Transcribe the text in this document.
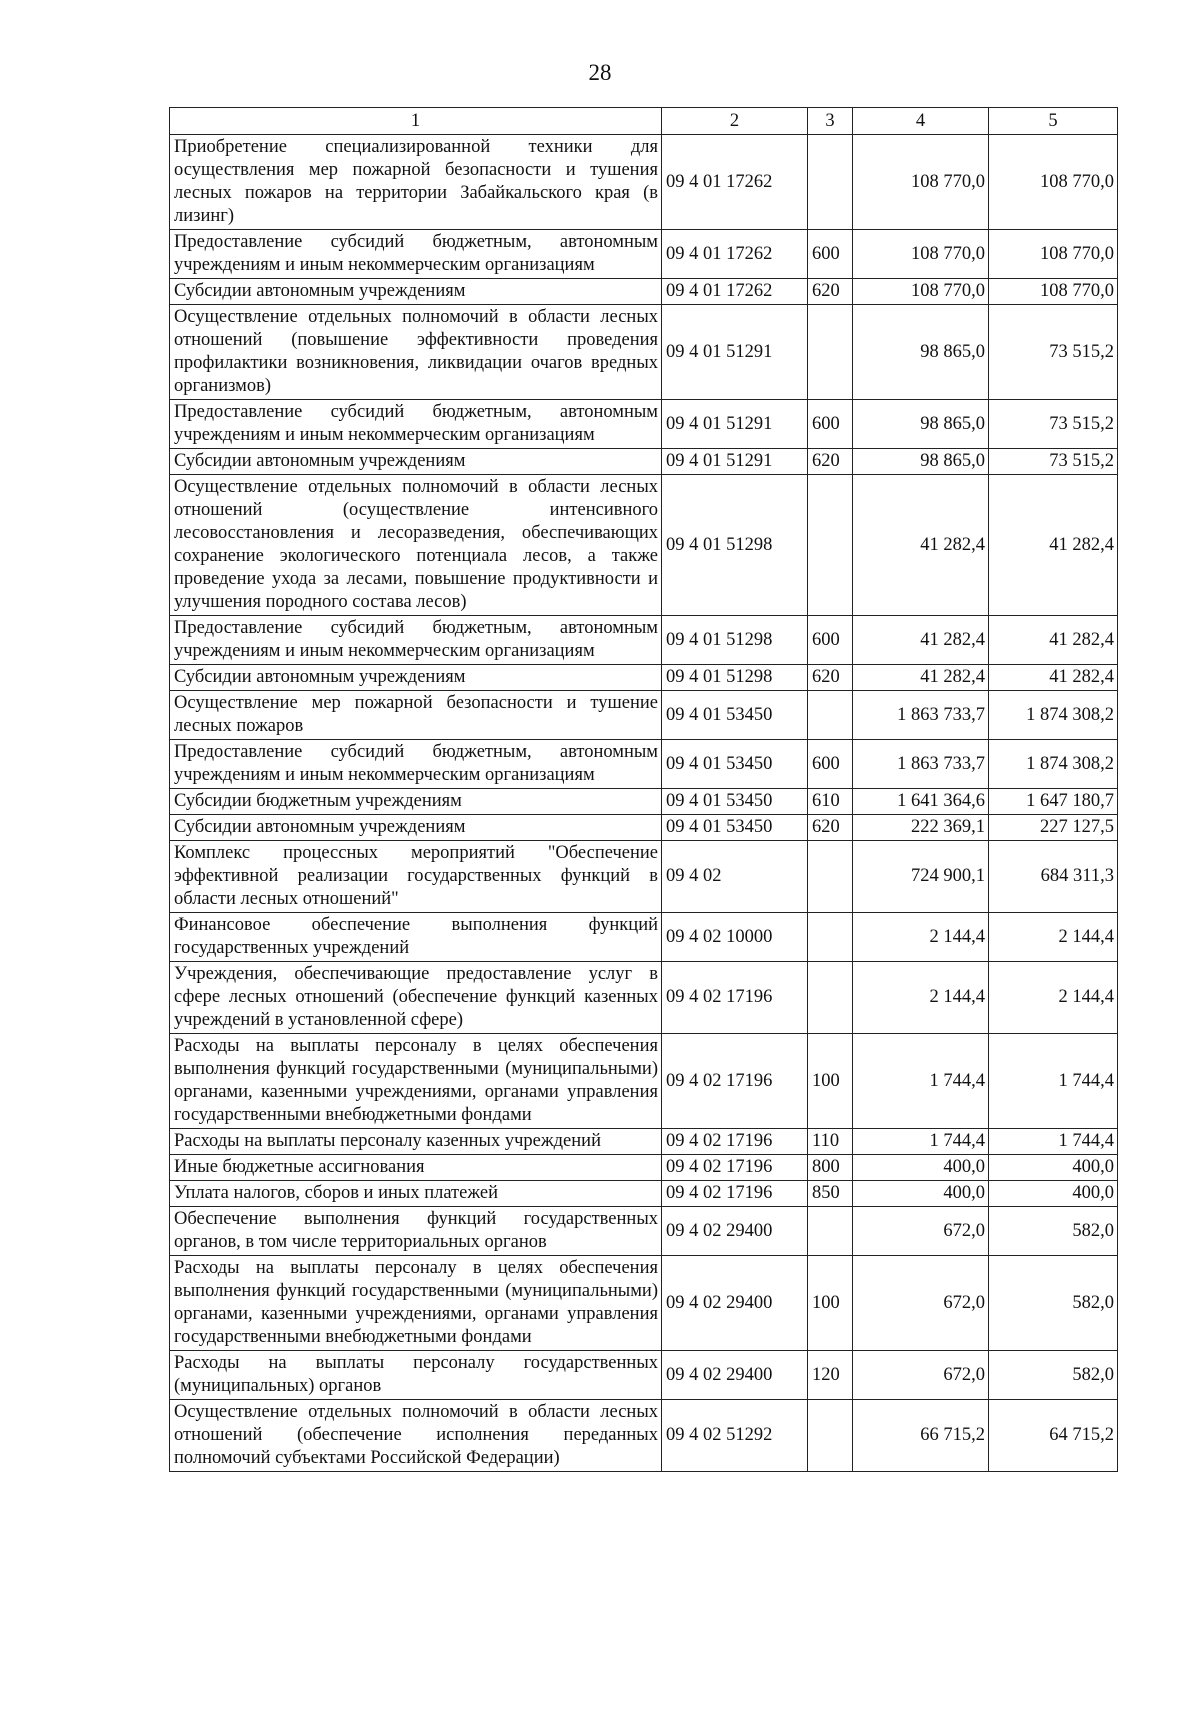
28
1	2	3	4	5
Приобретение специализированной техники для осуществления мер пожарной безопасности и тушения лесных пожаров на территории Забайкальского края (в лизинг)	09 4 01 17262		108 770,0	108 770,0
Предоставление субсидий бюджетным, автономным учреждениям и иным некоммерческим организациям	09 4 01 17262	600	108 770,0	108 770,0
Субсидии автономным учреждениям	09 4 01 17262	620	108 770,0	108 770,0
Осуществление отдельных полномочий в области лесных отношений (повышение эффективности проведения профилактики возникновения, ликвидации очагов вредных организмов)	09 4 01 51291		98 865,0	73 515,2
Предоставление субсидий бюджетным, автономным учреждениям и иным некоммерческим организациям	09 4 01 51291	600	98 865,0	73 515,2
Субсидии автономным учреждениям	09 4 01 51291	620	98 865,0	73 515,2
Осуществление отдельных полномочий в области лесных отношений (осуществление интенсивного лесовосстановления и лесоразведения, обеспечивающих сохранение экологического потенциала лесов, а также проведение ухода за лесами, повышение продуктивности и улучшения породного состава лесов)	09 4 01 51298		41 282,4	41 282,4
Предоставление субсидий бюджетным, автономным учреждениям и иным некоммерческим организациям	09 4 01 51298	600	41 282,4	41 282,4
Субсидии автономным учреждениям	09 4 01 51298	620	41 282,4	41 282,4
Осуществление мер пожарной безопасности и тушение лесных пожаров	09 4 01 53450		1 863 733,7	1 874 308,2
Предоставление субсидий бюджетным, автономным учреждениям и иным некоммерческим организациям	09 4 01 53450	600	1 863 733,7	1 874 308,2
Субсидии бюджетным учреждениям	09 4 01 53450	610	1 641 364,6	1 647 180,7
Субсидии автономным учреждениям	09 4 01 53450	620	222 369,1	227 127,5
Комплекс процессных мероприятий "Обеспечение эффективной реализации государственных функций в области лесных отношений"	09 4 02		724 900,1	684 311,3
Финансовое обеспечение выполнения функций государственных учреждений	09 4 02 10000		2 144,4	2 144,4
Учреждения, обеспечивающие предоставление услуг в сфере лесных отношений (обеспечение функций казенных учреждений в установленной сфере)	09 4 02 17196		2 144,4	2 144,4
Расходы на выплаты персоналу в целях обеспечения выполнения функций государственными (муниципальными) органами, казенными учреждениями, органами управления государственными внебюджетными фондами	09 4 02 17196	100	1 744,4	1 744,4
Расходы на выплаты персоналу казенных учреждений	09 4 02 17196	110	1 744,4	1 744,4
Иные бюджетные ассигнования	09 4 02 17196	800	400,0	400,0
Уплата налогов, сборов и иных платежей	09 4 02 17196	850	400,0	400,0
Обеспечение выполнения функций государственных органов, в том числе территориальных органов	09 4 02 29400		672,0	582,0
Расходы на выплаты персоналу в целях обеспечения выполнения функций государственными (муниципальными) органами, казенными учреждениями, органами управления государственными внебюджетными фондами	09 4 02 29400	100	672,0	582,0
Расходы на выплаты персоналу государственных (муниципальных) органов	09 4 02 29400	120	672,0	582,0
Осуществление отдельных полномочий в области лесных отношений (обеспечение исполнения переданных полномочий субъектами Российской Федерации)	09 4 02 51292		66 715,2	64 715,2
